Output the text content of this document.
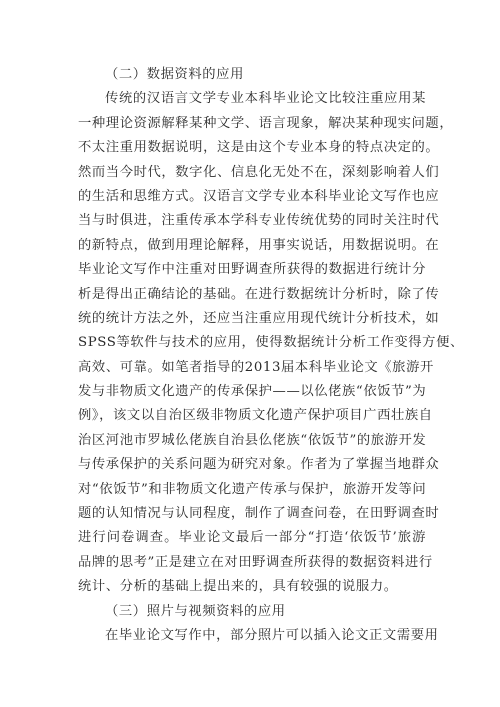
（二）数据资料的应用
传统的汉语言文学专业本科毕业论文比较注重应用某
一种理论资源解释某种文学、语言现象，解决某种现实问题，
不太注重用数据说明，这是由这个专业本身的特点决定的。
然而当今时代，数字化、信息化无处不在，深刻影响着人们
的生活和思维方式。汉语言文学专业本科毕业论文写作也应
当与时俱进，注重传承本学科专业传统优势的同时关注时代
的新特点，做到用理论解释，用事实说话，用数据说明。在
毕业论文写作中注重对田野调查所获得的数据进行统计分
析是得出正确结论的基础。在进行数据统计分析时，除了传
统的统计方法之外，还应当注重应用现代统计分析技术，如
SPSS等软件与技术的应用，使得数据统计分析工作变得方便、
高效、可靠。如笔者指导的2013届本科毕业论文《旅游开
发与非物质文化遗产的传承保护——以仫佬族“依饭节”为
例》，该文以自治区级非物质文化遗产保护项目广西壮族自
治区河池市罗城仫佬族自治县仫佬族“依饭节”的旅游开发
与传承保护的关系问题为研究对象。作者为了掌握当地群众
对“依饭节”和非物质文化遗产传承与保护，旅游开发等问
题的认知情况与认同程度，制作了调查问卷，在田野调查时
进行问卷调查。毕业论文最后一部分“打造‘依饭节’旅游
品牌的思考”正是建立在对田野调查所获得的数据资料进行
统计、分析的基础上提出来的，具有较强的说服力。
（三）照片与视频资料的应用
在毕业论文写作中，部分照片可以插入论文正文需要用
